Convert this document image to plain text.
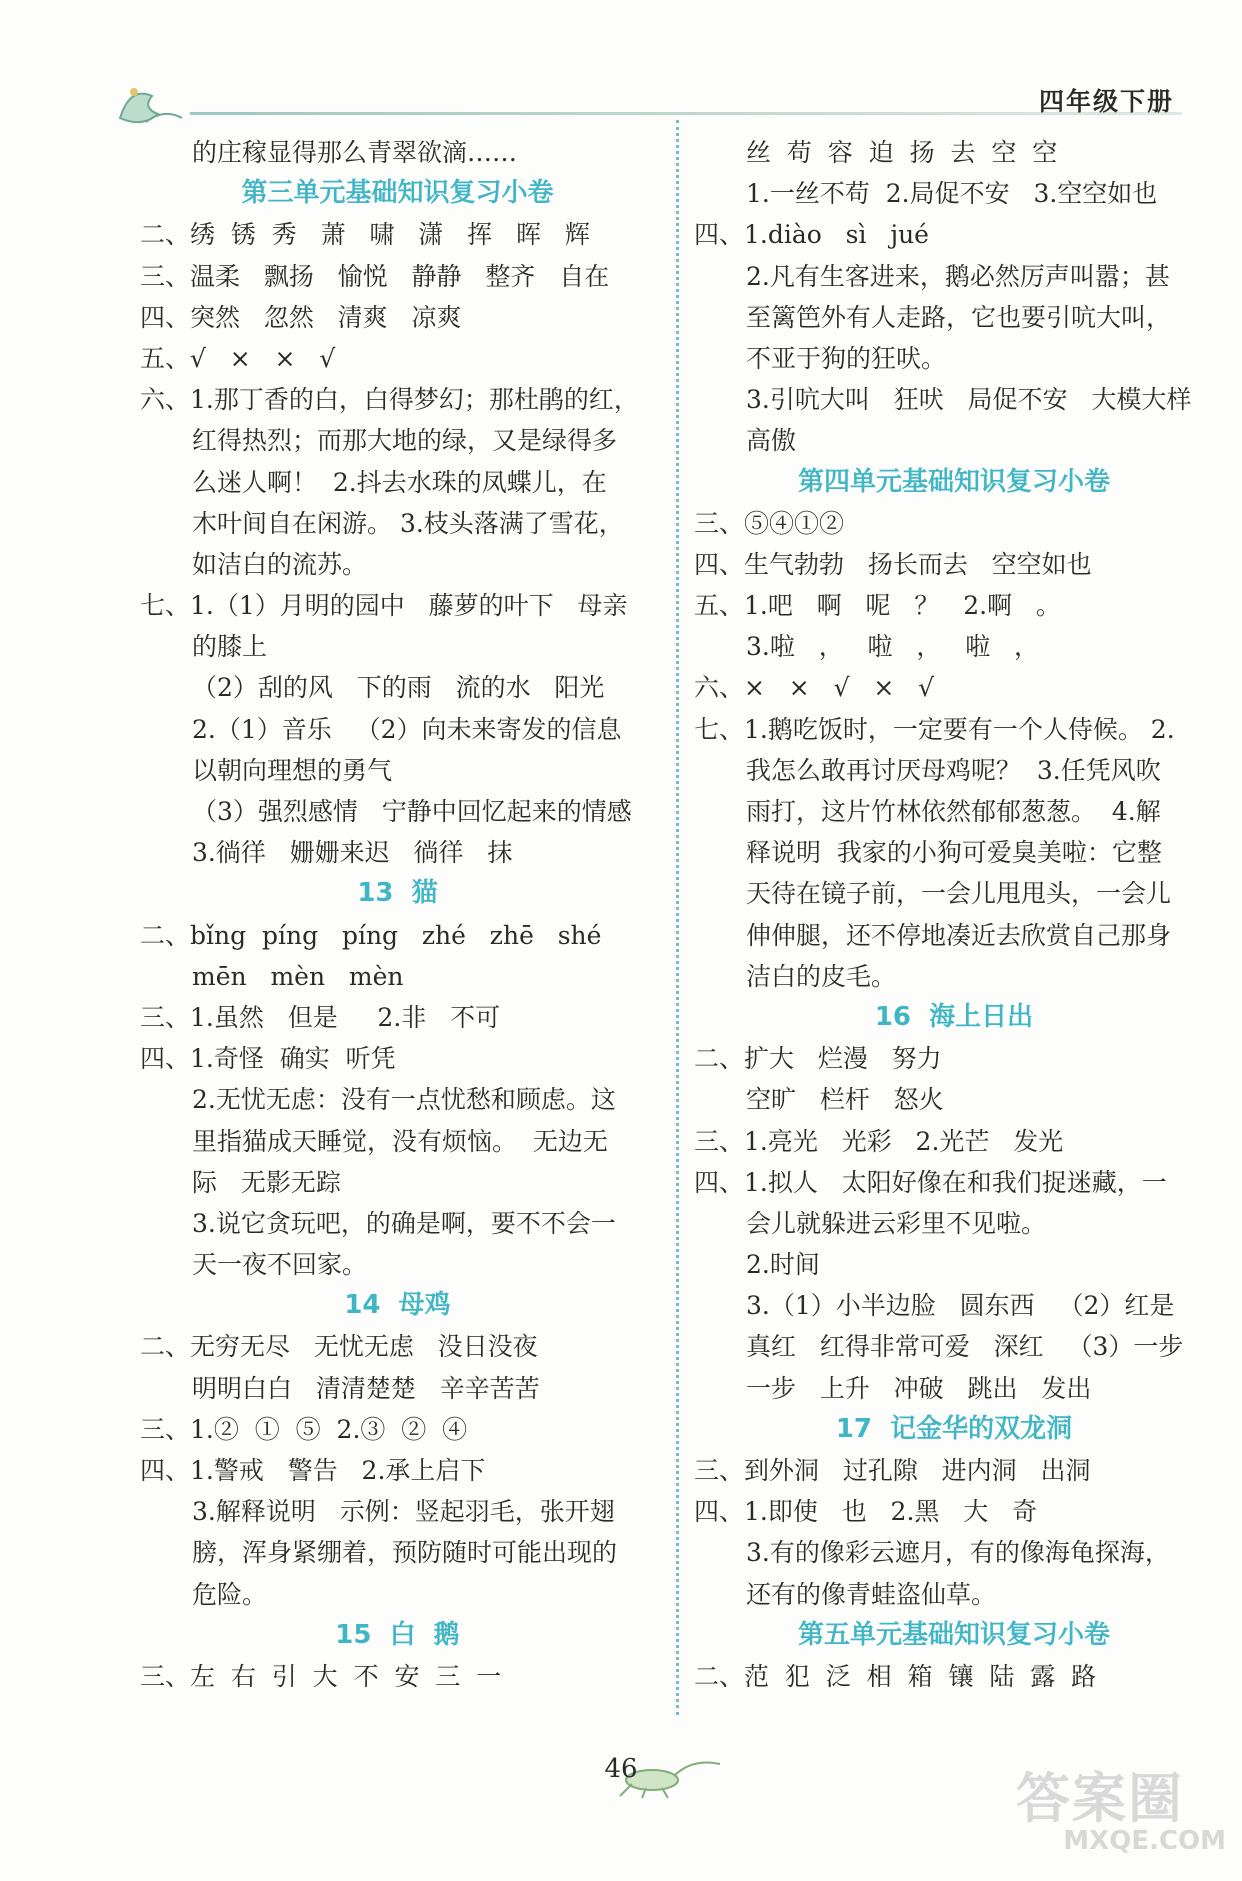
四年级下册
的庄稼显得那么青翠欲滴……
第三单元基础知识复习小卷
二、绣  锈  秀   萧   啸   潇   挥   晖   辉
三、温柔   飘扬   愉悦   静静   整齐   自在
四、突然   忽然   清爽   凉爽
五、√   ×   ×   √
六、1.那丁香的白，白得梦幻；那杜鹃的红，
红得热烈；而那大地的绿，又是绿得多
么迷人啊！  2.抖去水珠的凤蝶儿，在
木叶间自在闲游。 3.枝头落满了雪花，
如洁白的流苏。
七、1.（1）月明的园中   藤萝的叶下   母亲
的膝上
（2）刮的风   下的雨   流的水   阳光
2.（1）音乐   （2）向未来寄发的信息
以朝向理想的勇气
（3）强烈感情   宁静中回忆起来的情感
3.徜徉   姗姗来迟   徜徉   抹
13  猫
二、bǐng  píng   píng   zhé   zhē   shé
mēn   mèn   mèn
三、1.虽然   但是     2.非   不可
四、1.奇怪  确实  听凭
2.无忧无虑：没有一点忧愁和顾虑。这
里指猫成天睡觉，没有烦恼。  无边无
际   无影无踪
3.说它贪玩吧，的确是啊，要不不会一
天一夜不回家。
14  母鸡
二、无穷无尽   无忧无虑   没日没夜
明明白白   清清楚楚   辛辛苦苦
三、1.②  ①  ⑤  2.③  ②  ④
四、1.警戒   警告   2.承上启下
3.解释说明   示例：竖起羽毛，张开翅
膀，浑身紧绷着，预防随时可能出现的
危险。
15  白  鹅
三、左  右  引  大  不  安  三  一
丝  苟  容  迫  扬  去  空  空
1.一丝不苟  2.局促不安   3.空空如也
四、1.diào   sì   jué
2.凡有生客进来，鹅必然厉声叫嚣；甚
至篱笆外有人走路，它也要引吭大叫，
不亚于狗的狂吠。
3.引吭大叫   狂吠   局促不安   大模大样
高傲
第四单元基础知识复习小卷
三、⑤④①②
四、生气勃勃   扬长而去   空空如也
五、1.吧   啊   呢   ？   2.啊   。
3.啦   ，   啦   ，   啦   ，
六、×   ×   √   ×   √
七、1.鹅吃饭时，一定要有一个人侍候。 2.
我怎么敢再讨厌母鸡呢？  3.任凭风吹
雨打，这片竹林依然郁郁葱葱。  4.解
释说明  我家的小狗可爱臭美啦：它整
天待在镜子前，一会儿甩甩头，一会儿
伸伸腿，还不停地凑近去欣赏自己那身
洁白的皮毛。
16  海上日出
二、扩大   烂漫   努力
空旷   栏杆   怒火
三、1.亮光   光彩   2.光芒   发光
四、1.拟人   太阳好像在和我们捉迷藏，一
会儿就躲进云彩里不见啦。
2.时间
3.（1）小半边脸   圆东西   （2）红是
真红   红得非常可爱   深红   （3）一步
一步   上升   冲破   跳出   发出
17  记金华的双龙洞
三、到外洞   过孔隙   进内洞   出洞
四、1.即使   也   2.黑   大   奇
3.有的像彩云遮月，有的像海龟探海，
还有的像青蛙盗仙草。
第五单元基础知识复习小卷
二、范  犯  泛  相  箱  镶  陆  露  路
46	答案圈
MXQE.COM
